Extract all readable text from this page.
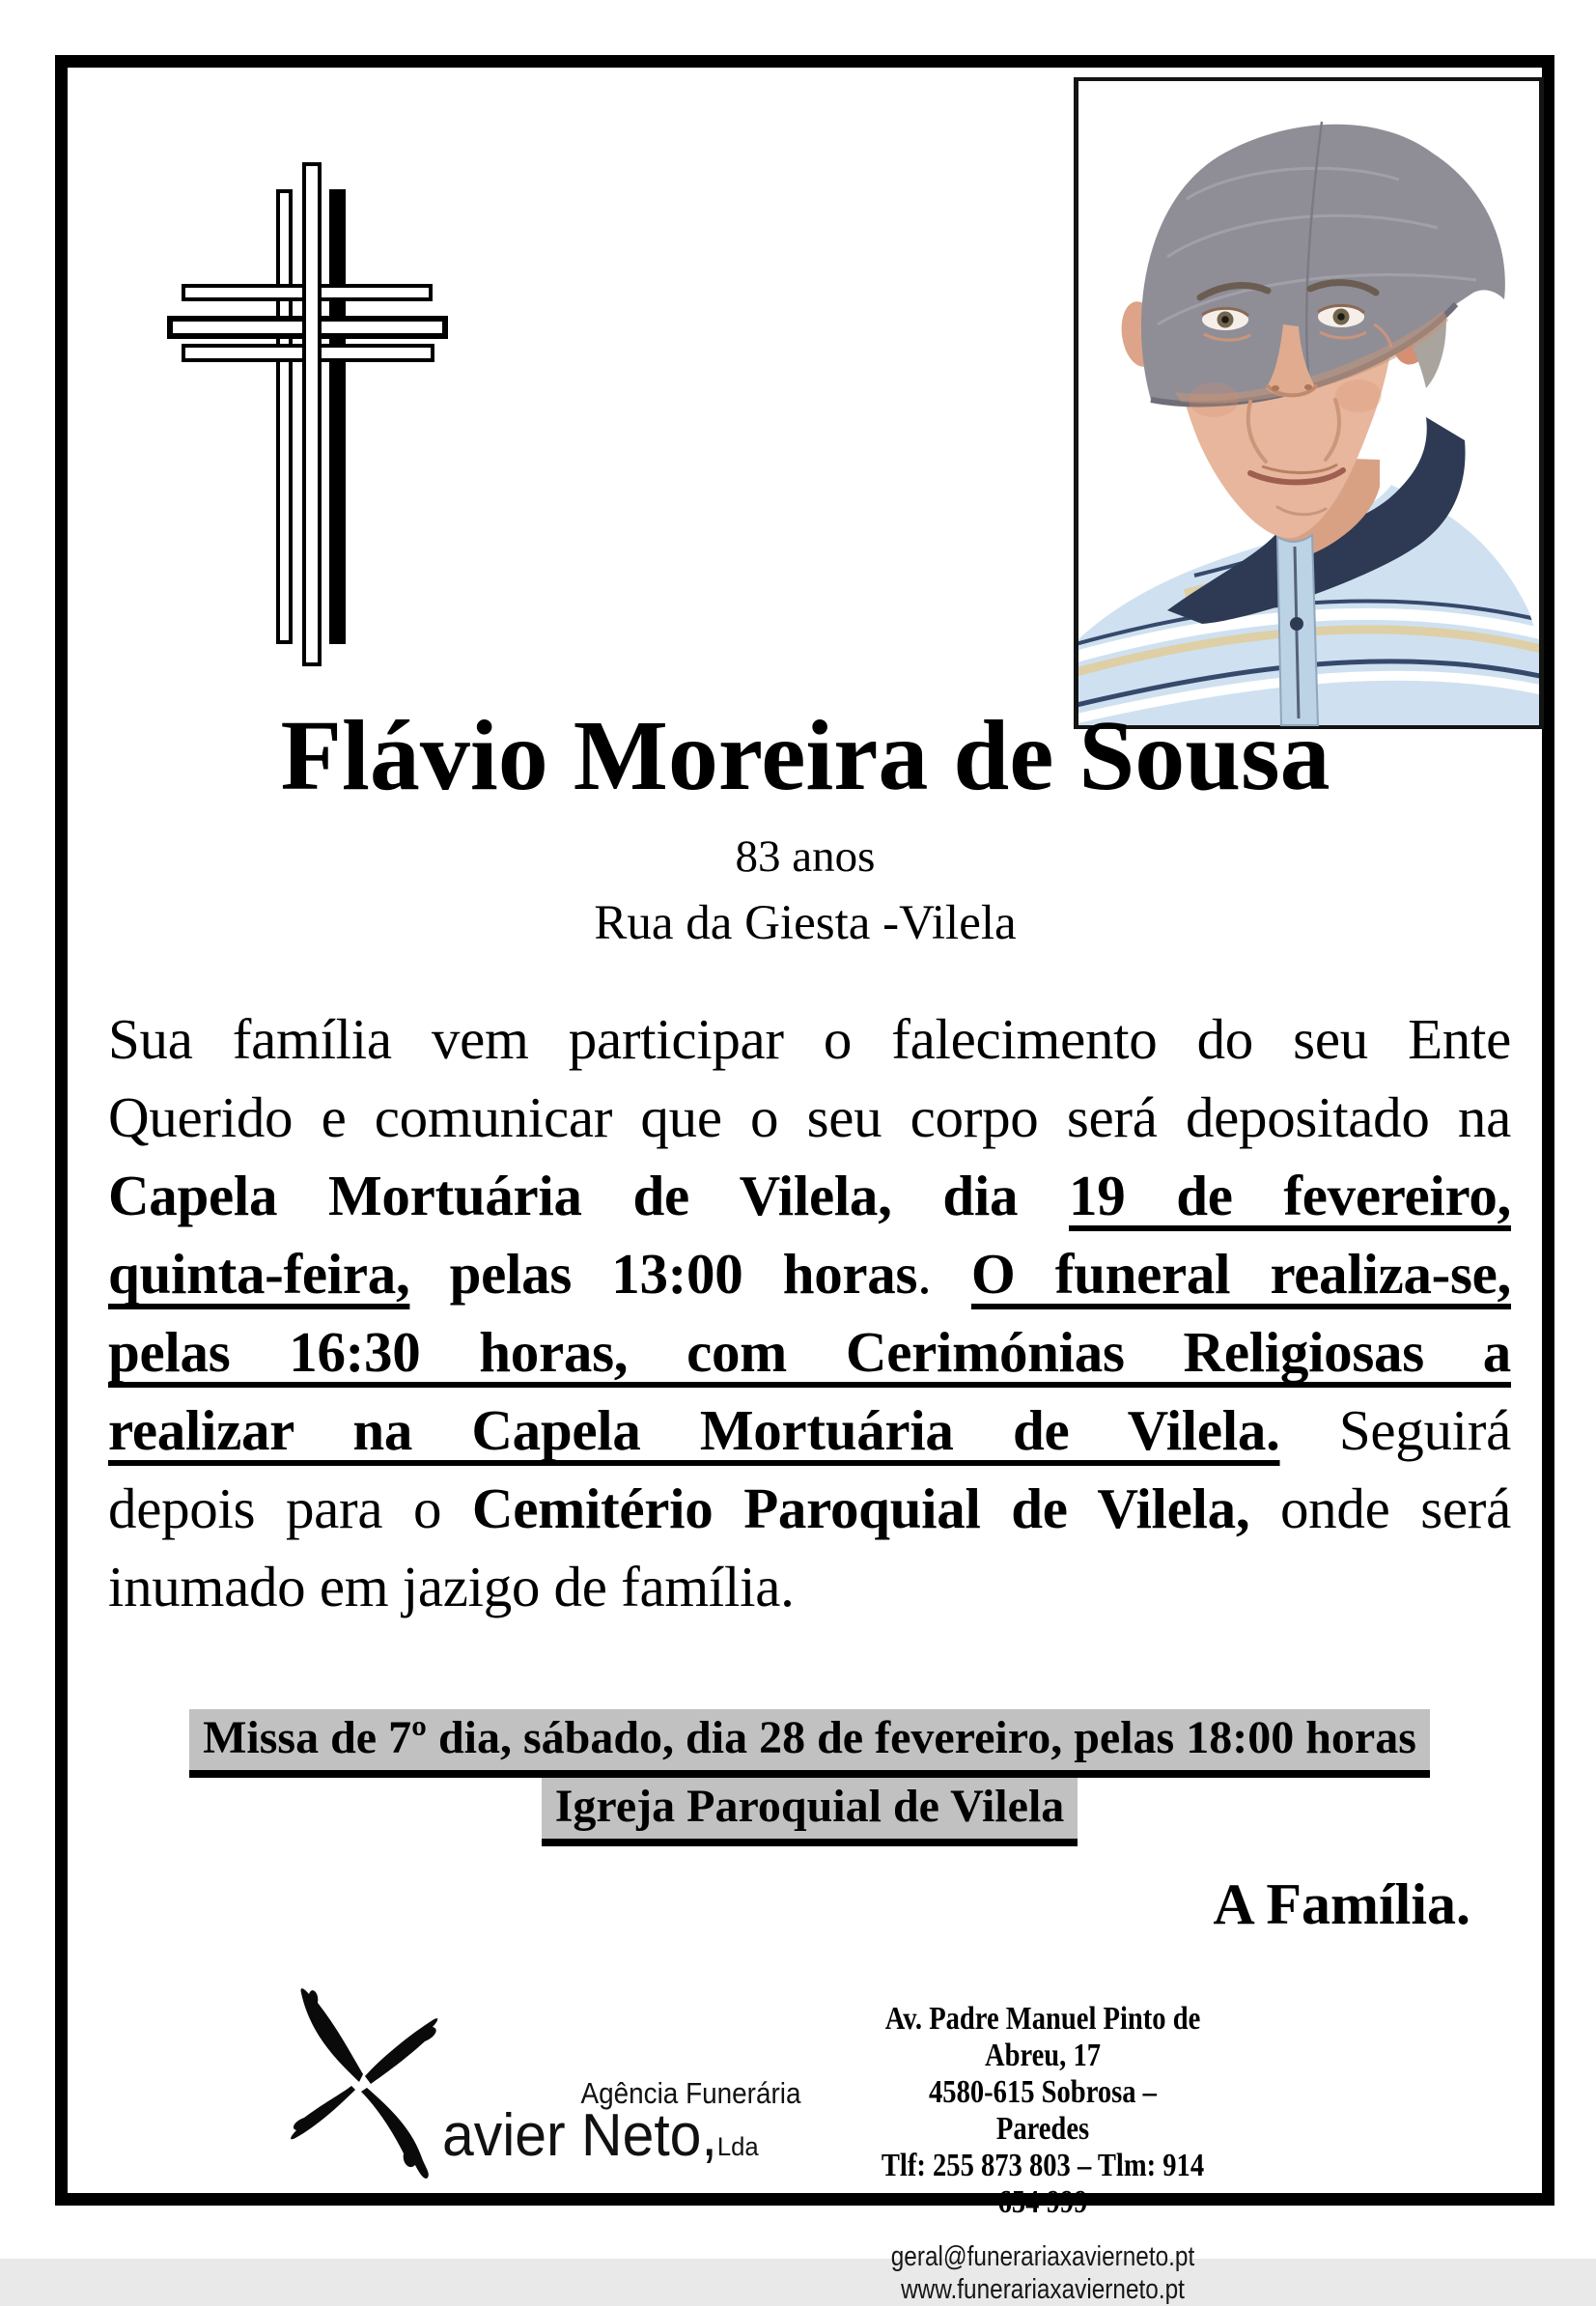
Flávio Moreira de Sousa
83 anos
Rua da Giesta -Vilela
Sua família vem participar o falecimento do seu Ente
Querido e comunicar que o seu corpo será depositado na
Capela Mortuária de Vilela, dia 19 de fevereiro,
quinta-feira, pelas 13:00 horas. O funeral realiza-se,
pelas 16:30 horas, com Cerimónias Religiosas a
realizar na Capela Mortuária de Vilela. Seguirá
depois para o Cemitério Paroquial de Vilela, onde será
inumado em jazigo de família.
Missa de 7º dia, sábado, dia 28 de fevereiro, pelas 18:00 horas
Igreja Paroquial de Vilela
A Família.
Agência Funerária
avier Neto,Lda
Av. Padre Manuel Pinto de Abreu, 17
4580-615 Sobrosa – Paredes
Tlf: 255 873 803 – Tlm: 914 654 999
geral@funerariaxavierneto.pt
www.funerariaxavierneto.pt
